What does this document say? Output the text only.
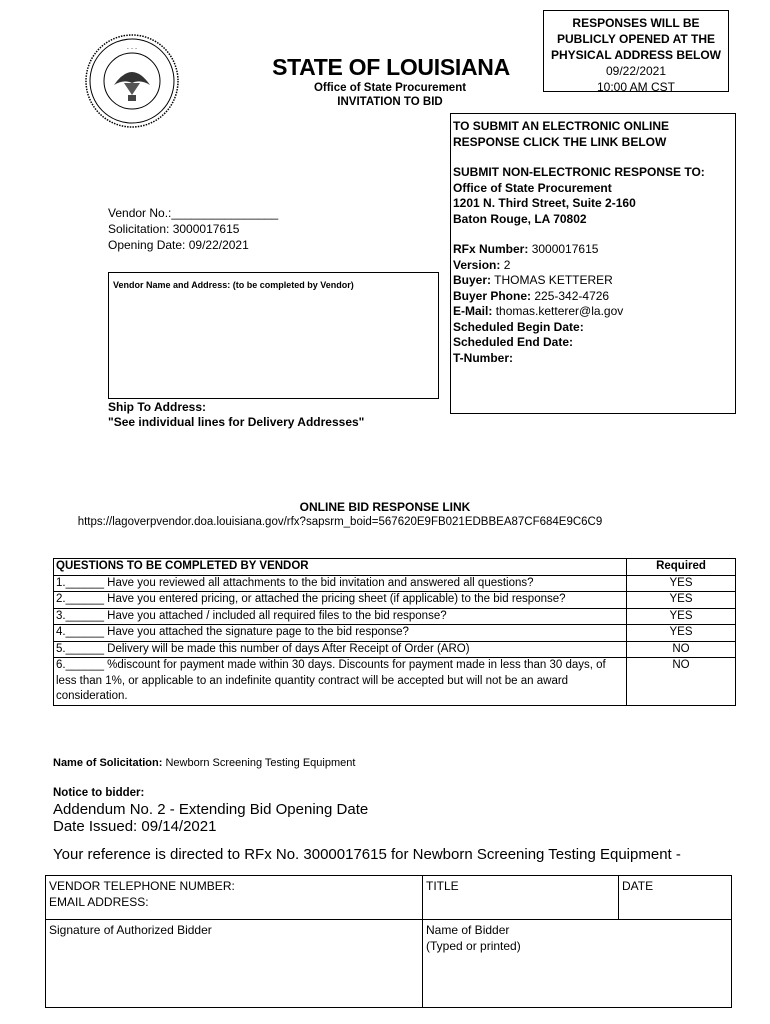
· · ·
STATE OF LOUISIANA
Office of State Procurement
INVITATION TO BID
RESPONSES WILL BE
PUBLICLY OPENED AT THE
PHYSICAL ADDRESS BELOW
09/22/2021
10:00 AM CST
TO SUBMIT AN ELECTRONIC ONLINE
RESPONSE CLICK THE LINK BELOW
SUBMIT NON-ELECTRONIC RESPONSE TO:
Office of State Procurement
1201 N. Third Street, Suite 2-160
Baton Rouge, LA 70802
RFx Number: 3000017615
Version: 2
Buyer: THOMAS KETTERER
Buyer Phone: 225-342-4726
E-Mail: thomas.ketterer@la.gov
Scheduled Begin Date:
Scheduled End Date:
T-Number:
Vendor No.:________________
Solicitation: 3000017615
Opening Date: 09/22/2021
Vendor Name and Address: (to be completed by Vendor)
Ship To Address:
"See individual lines for Delivery Addresses"
ONLINE BID RESPONSE LINK
https://lagoverpvendor.doa.louisiana.gov/rfx?sapsrm_boid=567620E9FB021EDBBEA87CF684E9C6C9
QUESTIONS TO BE COMPLETED BY VENDOR	Required
1.______ Have you reviewed all attachments to the bid invitation and answered all questions?	YES
2.______ Have you entered pricing, or attached the pricing sheet (if applicable) to the bid response?	YES
3.______ Have you attached / included all required files to the bid response?	YES
4.______ Have you attached the signature page to the bid response?	YES
5.______ Delivery will be made this number of days After Receipt of Order (ARO)	NO
6.______ %discount for payment made within 30 days. Discounts for payment made in less than 30 days, of less than 1%, or applicable to an indefinite quantity contract will be accepted but will not be an award consideration.	NO
Name of Solicitation: Newborn Screening Testing Equipment
Notice to bidder:
Addendum No. 2 - Extending Bid Opening Date
Date Issued: 09/14/2021
Your reference is directed to RFx No. 3000017615 for Newborn Screening Testing Equipment -
VENDOR TELEPHONE NUMBER:
EMAIL ADDRESS:	TITLE	DATE

Signature of Authorized Bidder	Name of Bidder
(Typed or printed)	
